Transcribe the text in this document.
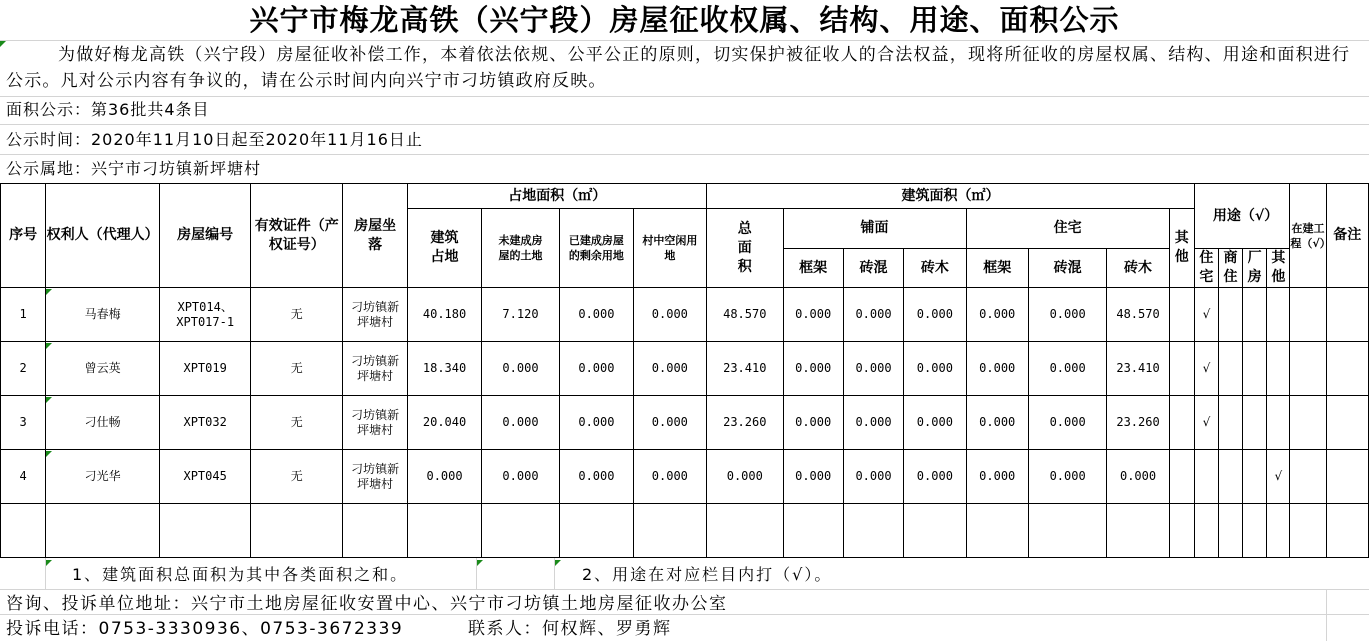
兴宁市梅龙高铁（兴宁段）房屋征收权属、结构、用途、面积公示
为做好梅龙高铁（兴宁段）房屋征收补偿工作，本着依法依规、公平公正的原则，切实保护被征收人的合法权益，现将所征收的房屋权属、结构、用途和面积进行公示。凡对公示内容有争议的，请在公示时间内向兴宁市刁坊镇政府反映。
面积公示：第36批共4条目
公示时间：2020年11月10日起至2020年11月16日止
公示属地：兴宁市刁坊镇新坪塘村
序号	权利人（代理人）	房屋编号	有效证件（产权证号）	房屋坐落	占地面积（㎡）				建筑面积（㎡）								用途（√）				在建工程（√）	备注
					建筑占地	未建成房屋的土地	已建成房屋的剩余用地	村中空闲用地	总面积	铺面			住宅			其他						
										框架	砖混	砖木	框架	砖混	砖木		住宅	商住	厂房	其他		
1	马春梅	XPT014、XPT017-1	无	刁坊镇新坪塘村	40.180	7.120	0.000	0.000	48.570	0.000	0.000	0.000	0.000	0.000	48.570		√					
2	曾云英	XPT019	无	刁坊镇新坪塘村	18.340	0.000	0.000	0.000	23.410	0.000	0.000	0.000	0.000	0.000	23.410		√					
3	刁仕畅	XPT032	无	刁坊镇新坪塘村	20.040	0.000	0.000	0.000	23.260	0.000	0.000	0.000	0.000	0.000	23.260		√					
4	刁光华	XPT045	无	刁坊镇新坪塘村	0.000	0.000	0.000	0.000	0.000	0.000	0.000	0.000	0.000	0.000	0.000					√		

1、建筑面积总面积为其中各类面积之和。	2、用途在对应栏目内打（√）。
咨询、投诉单位地址：兴宁市土地房屋征收安置中心、兴宁市刁坊镇土地房屋征收办公室
投诉电话：0753-3330936、0753-3672339	联系人：何权辉、罗勇辉
